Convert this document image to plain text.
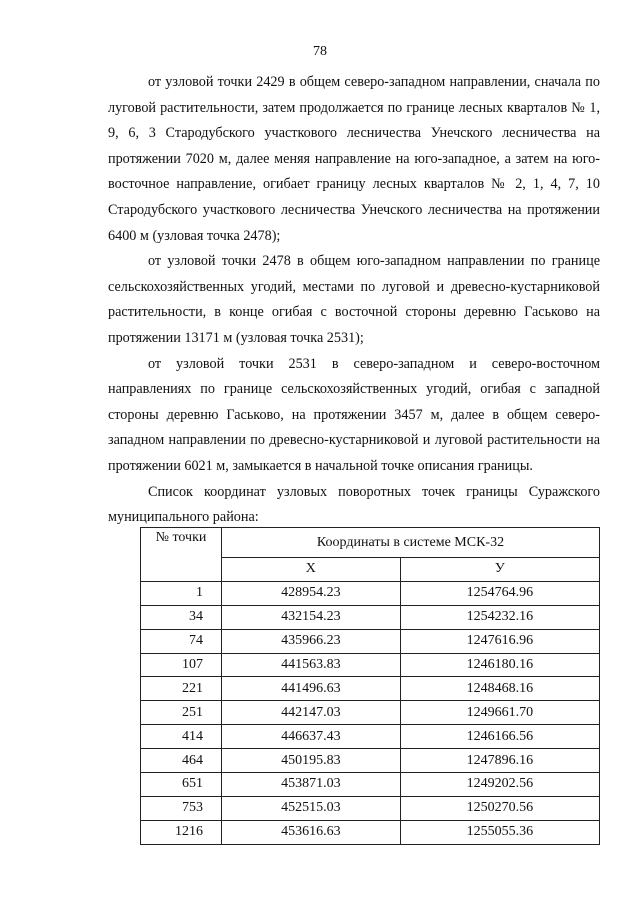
78

от узловой точки 2429 в общем северо-западном направлении, сначала по луговой растительности, затем продолжается по границе лесных кварталов № 1, 9, 6, 3 Стародубского участкового лесничества Унечского лесничества на протяжении 7020 м, далее меняя направление на юго-западное, а затем на юго-восточное направление, огибает границу лесных кварталов № 2, 1, 4, 7, 10 Стародубского участкового лесничества Унечского лесничества на протяжении 6400 м (узловая точка 2478);

от узловой точки 2478 в общем юго-западном направлении по границе сельскохозяйственных угодий, местами по луговой и древесно-кустарниковой растительности, в конце огибая с восточной стороны деревню Гаськово на протяжении 13171 м (узловая точка 2531);

от узловой точки 2531 в северо-западном и северо-восточном направлениях по границе сельскохозяйственных угодий, огибая с западной стороны деревню Гаськово, на протяжении 3457 м, далее в общем северо-западном направлении по древесно-кустарниковой и луговой растительности на протяжении 6021 м, замыкается в начальной точке описания границы.

Список координат узловых поворотных точек границы Суражского муниципального района:

№ точки	Координаты в системе МСК-32	
	X	У
1	428954.23	1254764.96
34	432154.23	1254232.16
74	435966.23	1247616.96
107	441563.83	1246180.16
221	441496.63	1248468.16
251	442147.03	1249661.70
414	446637.43	1246166.56
464	450195.83	1247896.16
651	453871.03	1249202.56
753	452515.03	1250270.56
1216	453616.63	1255055.36
